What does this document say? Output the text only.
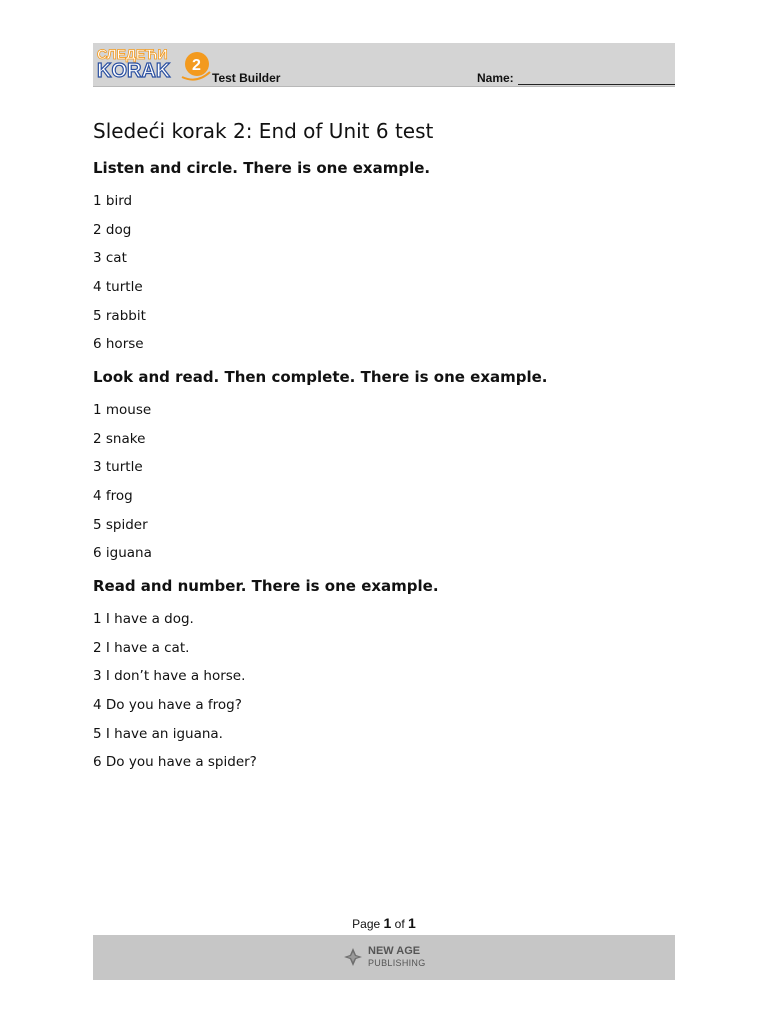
СЛЕДЕЋИ
KORAK 2
Test Builder	Name:
Sledeći korak 2: End of Unit 6 test
Listen and circle. There is one example.
1 bird
2 dog
3 cat
4 turtle
5 rabbit
6 horse
Look and read. Then complete. There is one example.
1 mouse
2 snake
3 turtle
4 frog
5 spider
6 iguana
Read and number. There is one example.
1 I have a dog.
2 I have a cat.
3 I don’t have a horse.
4 Do you have a frog?
5 I have an iguana.
6 Do you have a spider?
Page 1 of 1
NEW AGE
PUBLISHING
